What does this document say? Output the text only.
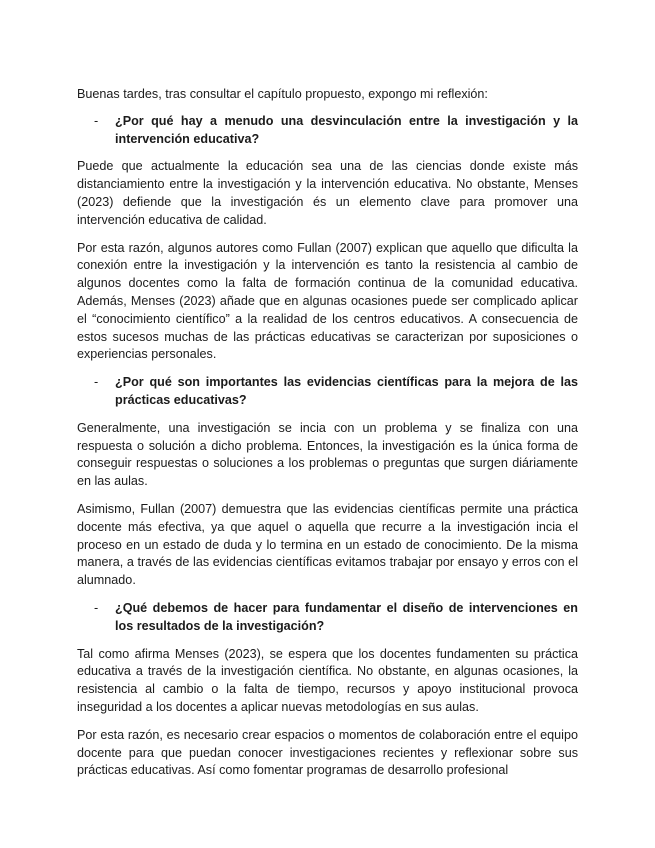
Buenas tardes, tras consultar el capítulo propuesto, expongo mi reflexión:

-	¿Por qué hay a menudo una desvinculación entre la investigación y la intervención educativa?

Puede que actualmente la educación sea una de las ciencias donde existe más distanciamiento entre la investigación y la intervención educativa. No obstante, Menses (2023) defiende que la investigación és un elemento clave para promover una intervención educativa de calidad.

Por esta razón, algunos autores como Fullan (2007) explican que aquello que dificulta la conexión entre la investigación y la intervención es tanto la resistencia al cambio de algunos docentes como la falta de formación continua de la comunidad educativa. Además, Menses (2023) añade que en algunas ocasiones puede ser complicado aplicar el “conocimiento científico” a la realidad de los centros educativos. A consecuencia de estos sucesos muchas de las prácticas educativas se caracterizan por suposiciones o experiencias personales.

-	¿Por qué son importantes las evidencias científicas para la mejora de las prácticas educativas?

Generalmente, una investigación se incia con un problema y se finaliza con una respuesta o solución a dicho problema. Entonces, la investigación es la única forma de conseguir respuestas o soluciones a los problemas o preguntas que surgen diáriamente en las aulas.

Asimismo, Fullan (2007) demuestra que las evidencias científicas permite una práctica docente más efectiva, ya que aquel o aquella que recurre a la investigación incia el proceso en un estado de duda y lo termina en un estado de conocimiento. De la misma manera, a través de las evidencias científicas evitamos trabajar por ensayo y erros con el alumnado.

-	¿Qué debemos de hacer para fundamentar el diseño de intervenciones en los resultados de la investigación?

Tal como afirma Menses (2023), se espera que los docentes fundamenten su práctica educativa a través de la investigación científica. No obstante, en algunas ocasiones, la resistencia al cambio o la falta de tiempo, recursos y apoyo institucional provoca inseguridad a los docentes a aplicar nuevas metodologías en sus aulas.

Por esta razón, es necesario crear espacios o momentos de colaboración entre el equipo docente para que puedan conocer investigaciones recientes y reflexionar sobre sus prácticas educativas. Así como fomentar programas de desarrollo profesional
